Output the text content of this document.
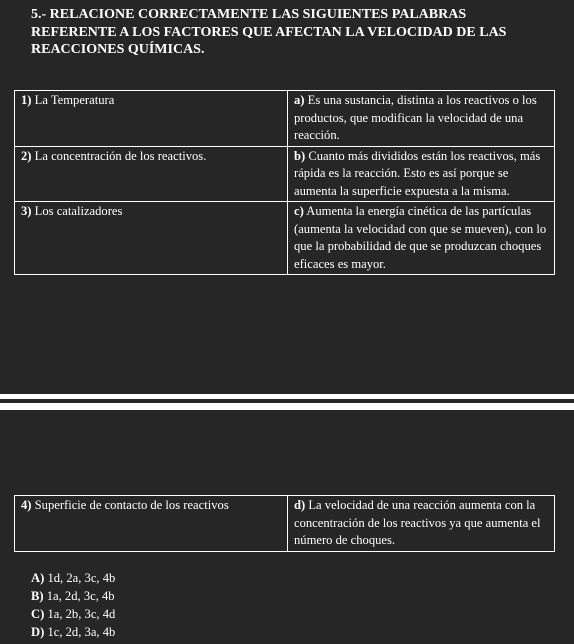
5.- RELACIONE CORRECTAMENTE LAS SIGUIENTES PALABRAS REFERENTE A LOS FACTORES QUE AFECTAN LA VELOCIDAD DE LAS REACCIONES QUÍMICAS.

1) La Temperatura	a) Es una sustancia, distinta a los reactivos o los productos, que modifican la velocidad de una reacción.
2) La concentración de los reactivos.	b) Cuanto más divididos están los reactivos, más rápida es la reacción. Esto es así porque se aumenta la superficie expuesta a la misma.
3) Los catalizadores	c) Aumenta la energía cinética de las partículas (aumenta la velocidad con que se mueven), con lo que la probabilidad de que se produzcan choques eficaces es mayor.
4) Superficie de contacto de los reactivos	d) La velocidad de una reacción aumenta con la concentración de los reactivos ya que aumenta el número de choques.
A) 1d, 2a, 3c, 4b
B) 1a, 2d, 3c, 4b
C) 1a, 2b, 3c, 4d
D) 1c, 2d, 3a, 4b
